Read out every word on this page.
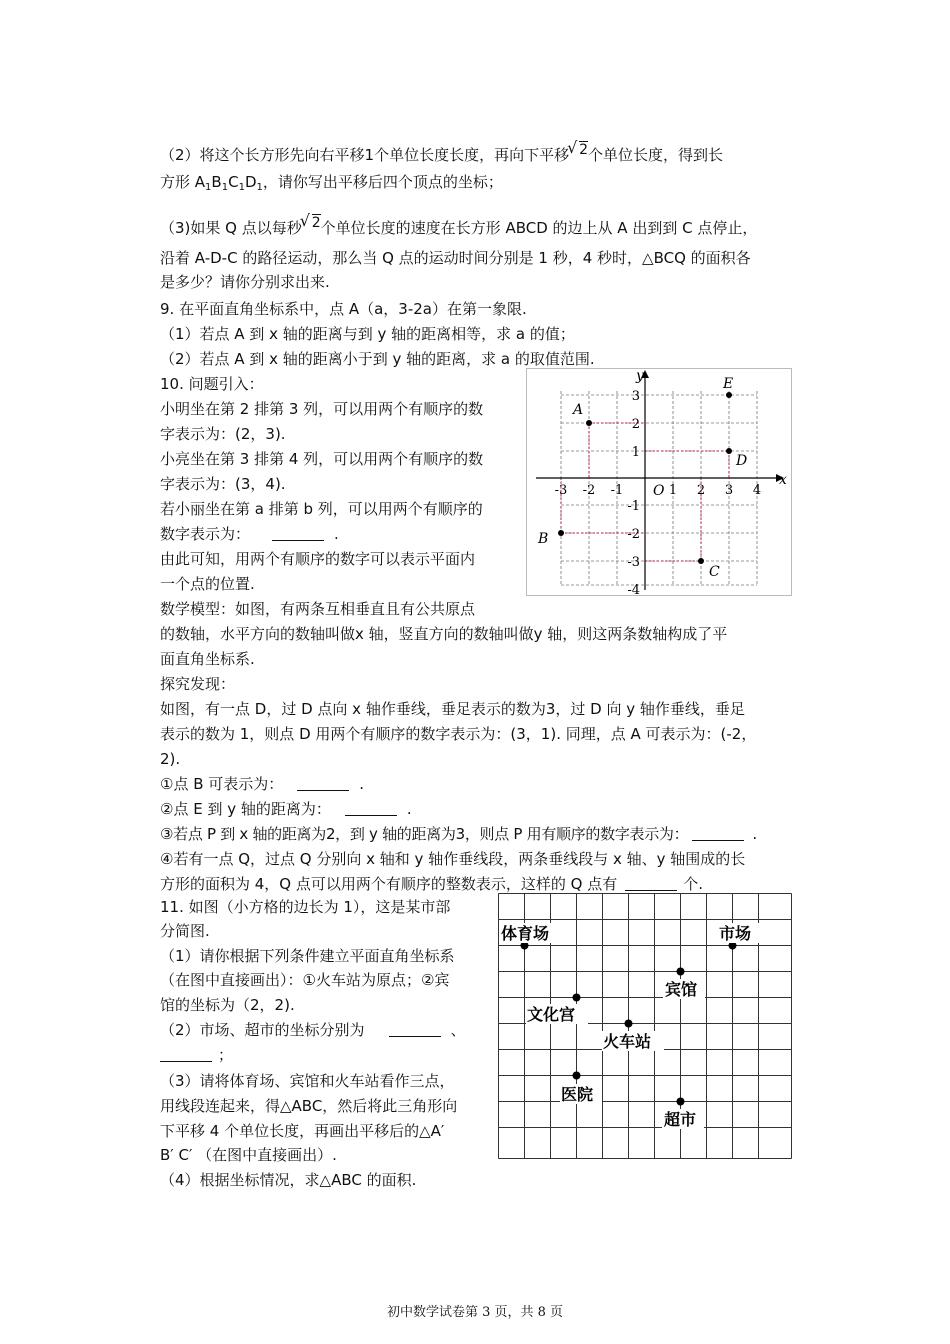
（2）将这个长方形先向右平移1个单位长度长度，再向下平移 √ 2个单位长度，得到长
方形 $A_1B_1C_1D_1$，请你写出平移后四个顶点的坐标；
（3)如果 Q 点以每秒 √ 2个单位长度的速度在长方形 ABCD 的边上从 A 出到到 C 点停止，
沿着 A-D-C 的路径运动，那么当 Q 点的运动时间分别是 1 秒，4 秒时，△BCQ 的面积各
是多少？请你分别求出来.
9. 在平面直角坐标系中，点 A（a，3-2a）在第一象限.
（1）若点 A 到 x 轴的距离与到 y 轴的距离相等，求 a 的值；
（2）若点 A 到 x 轴的距离小于到 y 轴的距离，求 a 的取值范围.
10. 问题引入：
小明坐在第 2 排第 3 列，可以用两个有顺序的数
字表示为：(2，3).
小亮坐在第 3 排第 4 列，可以用两个有顺序的数
字表示为：(3，4).
若小丽坐在第 a 排第 b 列，可以用两个有顺序的
数字表示为：	.
由此可知，用两个有顺序的数字可以表示平面内
一个点的位置.
数学模型：如图，有两条互相垂直且有公共原点
的数轴，水平方向的数轴叫做x 轴，竖直方向的数轴叫做y 轴，则这两条数轴构成了平
面直角坐标系.
探究发现：
如图，有一点 D，过 D 点向 x 轴作垂线，垂足表示的数为3，过 D 向 y 轴作垂线，垂足
表示的数为 1，则点 D 用两个有顺序的数字表示为：(3，1). 同理，点 A 可表示为：(-2，
2).
①点 B 可表示为：	.
②点 E 到 y 轴的距离为：	.
③若点 P 到 x 轴的距离为2，到 y 轴的距离为3，则点 P 用有顺序的数字表示为：	.
④若有一点 Q，过点 Q 分别向 x 轴和 y 轴作垂线段，两条垂线段与 x 轴、y 轴围成的长
方形的面积为 4，Q 点可以用两个有顺序的整数表示，这样的 Q 点有	个.
x
y
O
-3 -2 -1	1 2 3 4
3
2
1
-1
-2
-3
-4
A
B
C
D
E
11. 如图（小方格的边长为 1），这是某市部
分简图.
（1）请你根据下列条件建立平面直角坐标系
（在图中直接画出）：①火车站为原点；②宾
馆的坐标为（2，2).
（2）市场、超市的坐标分别为	、
；
（3）请将体育场、宾馆和火车站看作三点，
用线段连起来，得△ABC，然后将此三角形向
下平移 4 个单位长度，再画出平移后的△A′
B′ C′ （在图中直接画出）.
（4）根据坐标情况，求△ABC 的面积.
体育场	市场
宾馆
文化宫
火车站
医院
超市
初中数学试卷第 3 页，共 8 页
